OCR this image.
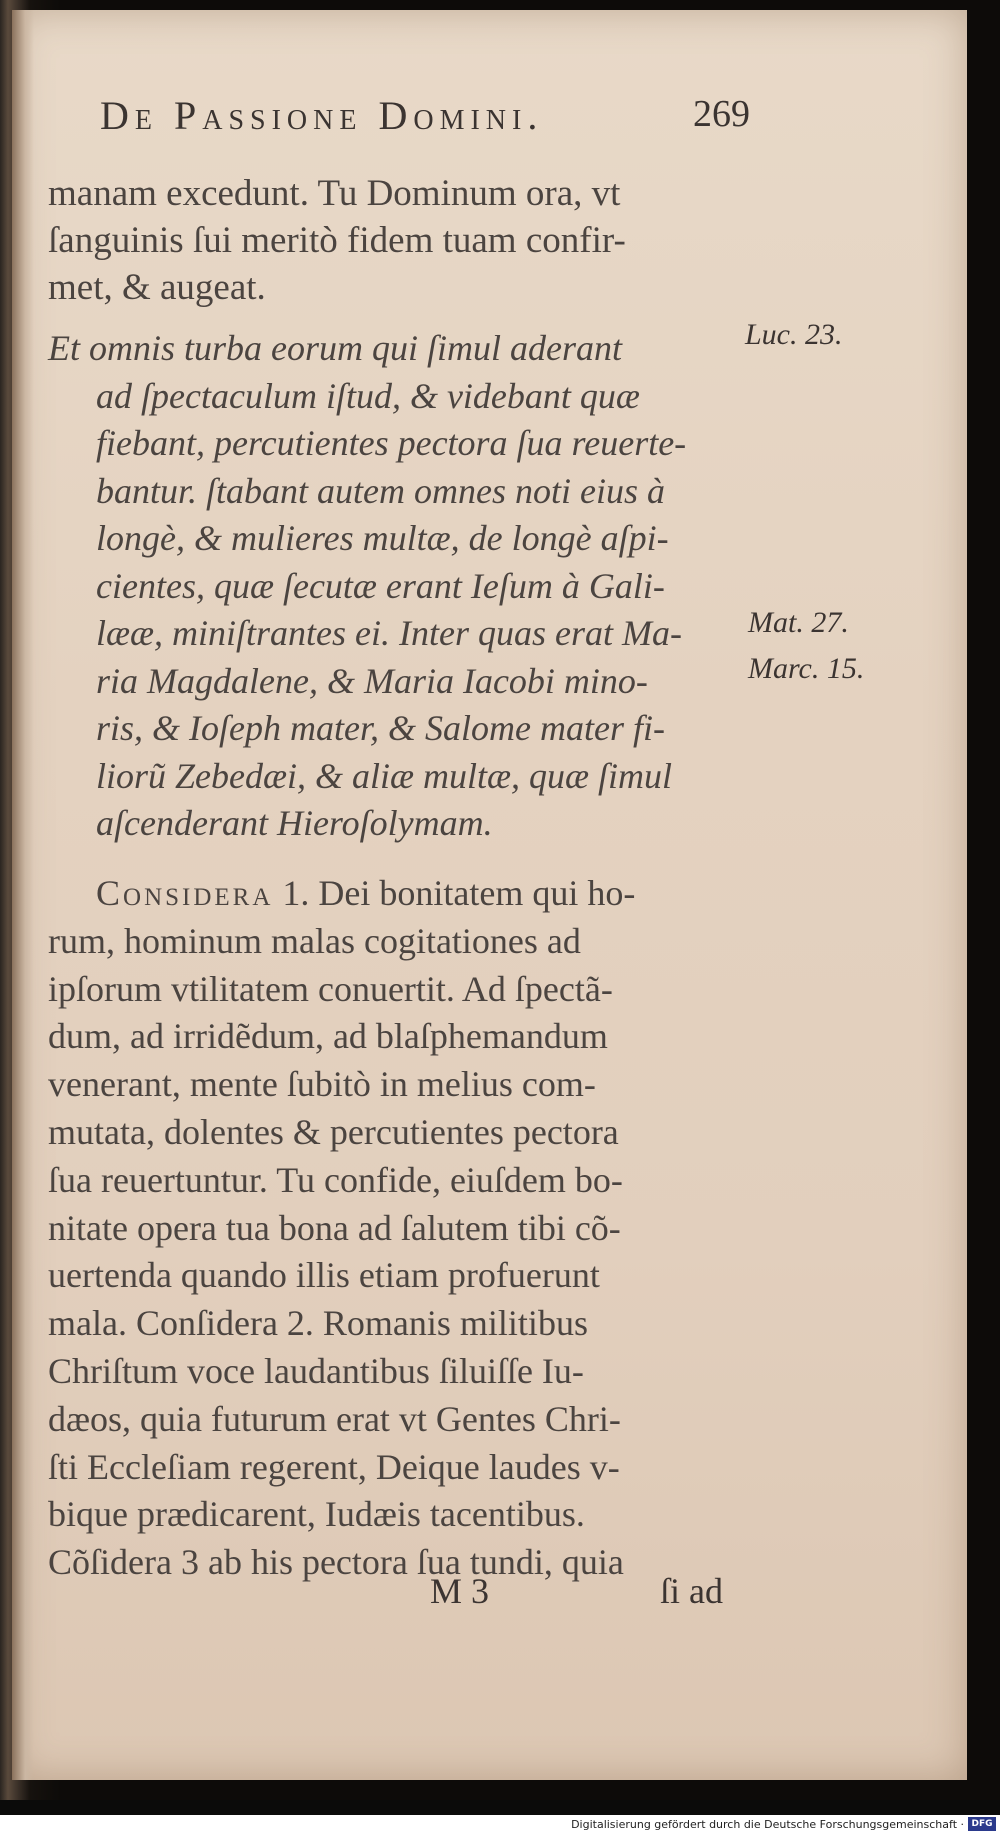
De Passione Domini.	269
manam excedunt. Tu Dominum ora, vt
ſanguinis ſui meritò fidem tuam confir-
met, & augeat.
Et omnis turba eorum qui ſimul aderant
ad ſpectaculum iſtud, & videbant quæ
fiebant, percutientes pectora ſua reuerte-
bantur. ſtabant autem omnes noti eius à
longè, & mulieres multæ, de longè aſpi-
cientes, quæ ſecutæ erant Ieſum à Gali-
lææ, miniſtrantes ei. Inter quas erat Ma-
ria Magdalene, & Maria Iacobi mino-
ris, & Ioſeph mater, & Salome mater fi-
liorũ Zebedæi, & aliæ multæ, quæ ſimul
aſcenderant Hieroſolymam.
Luc. 23.
Mat. 27.
Marc. 15.
Considera 1. Dei bonitatem qui ho-
rum, hominum malas cogitationes ad
ipſorum vtilitatem conuertit. Ad ſpectã-
dum, ad irridẽdum, ad blaſphemandum
venerant, mente ſubitò in melius com-
mutata, dolentes & percutientes pectora
ſua reuertuntur. Tu confide, eiuſdem bo-
nitate opera tua bona ad ſalutem tibi cõ-
uertenda quando illis etiam profuerunt
mala. Conſidera 2. Romanis militibus
Chriſtum voce laudantibus ſiluiſſe Iu-
dæos, quia futurum erat vt Gentes Chri-
ſti Eccleſiam regerent, Deique laudes v-
bique prædicarent, Iudæis tacentibus.
Cõſidera 3 ab his pectora ſua tundi, quia
M 3	ſi ad
Digitalisierung gefördert durch die Deutsche Forschungsgemeinschaft · DFG
